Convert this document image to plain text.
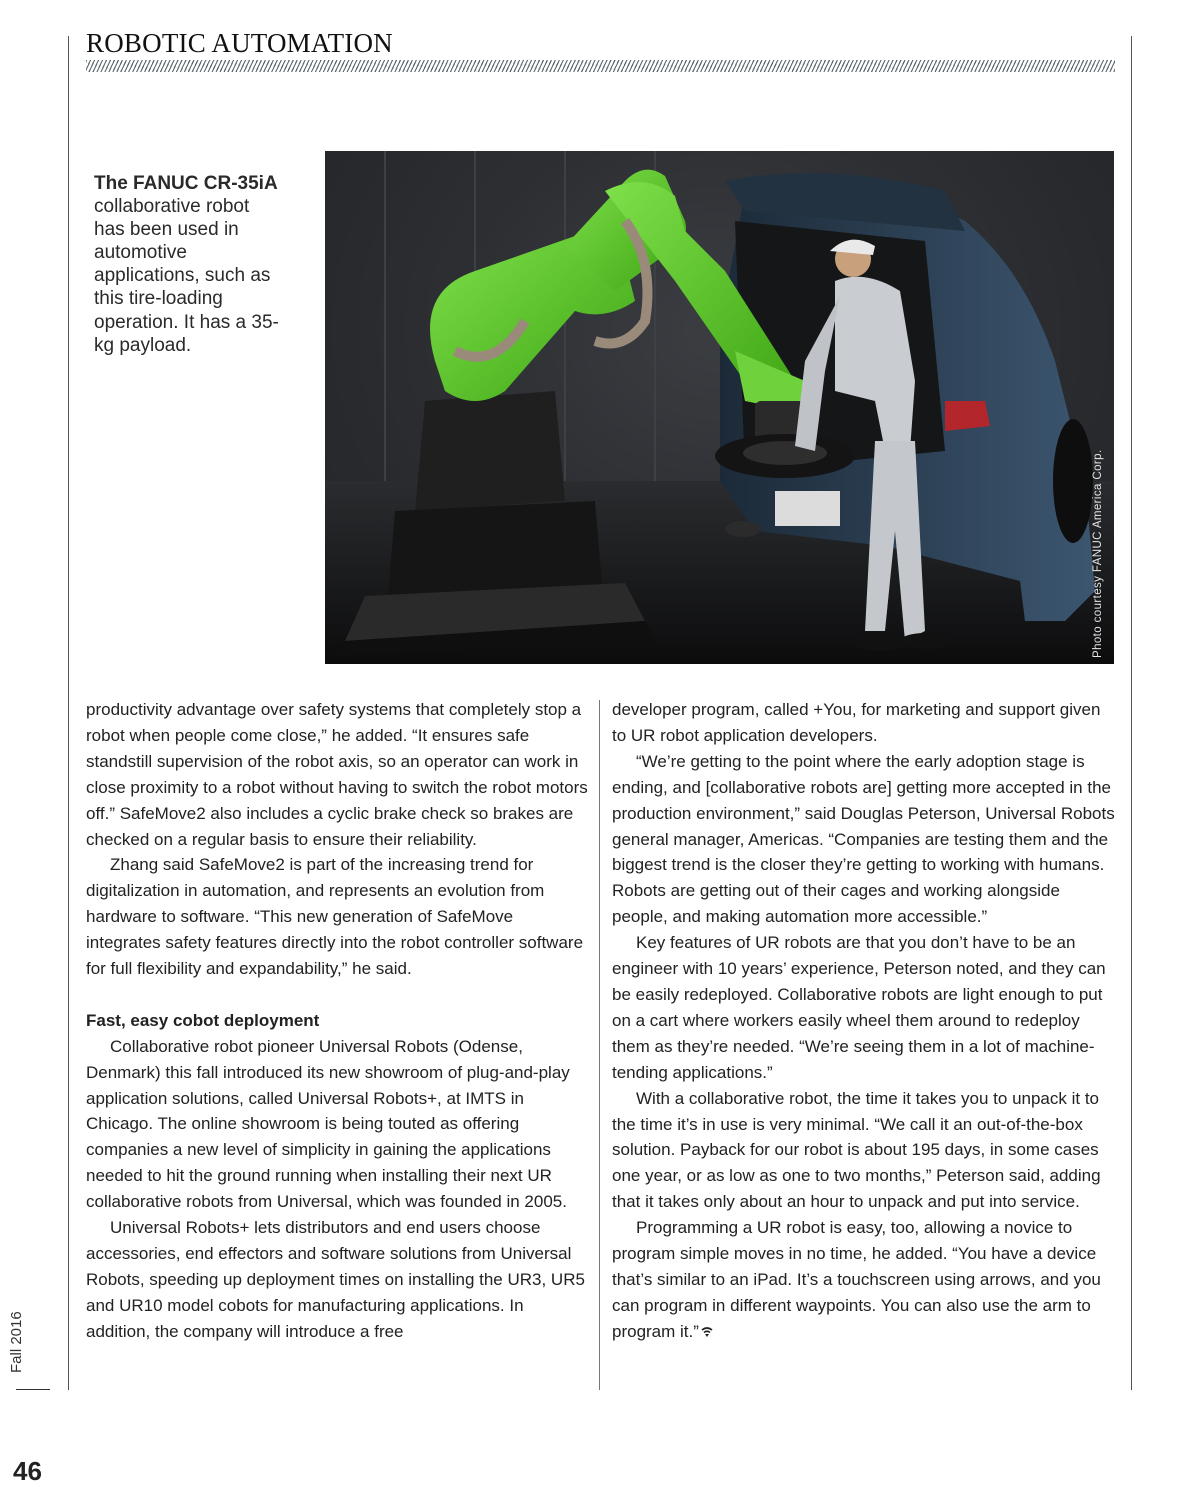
ROBOTIC AUTOMATION

The FANUC CR-35iA collaborative robot has been used in automotive applications, such as this tire-loading operation. It has a 35-kg payload.

Photo courtesy FANUC America Corp.

productivity advantage over safety systems that completely stop a robot when people come close,” he added. “It ensures safe standstill supervision of the robot axis, so an operator can work in close proximity to a robot without having to switch the robot motors off.” SafeMove2 also includes a cyclic brake check so brakes are checked on a regular basis to ensure their reliability.

Zhang said SafeMove2 is part of the increasing trend for digitalization in automation, and represents an evolution from hardware to software. “This new generation of SafeMove integrates safety features directly into the robot controller software for full flexibility and expandability,” he said.

Fast, easy cobot deployment

Collaborative robot pioneer Universal Robots (Odense, Denmark) this fall introduced its new showroom of plug-and-play application solutions, called Universal Robots+, at IMTS in Chicago. The online showroom is being touted as offering companies a new level of simplicity in gaining the applications needed to hit the ground running when installing their next UR collaborative robots from Universal, which was founded in 2005.

Universal Robots+ lets distributors and end users choose accessories, end effectors and software solutions from Universal Robots, speeding up deployment times on installing the UR3, UR5 and UR10 model cobots for manufacturing applications. In addition, the company will introduce a free

developer program, called +You, for marketing and support given to UR robot application developers.

“We’re getting to the point where the early adoption stage is ending, and [collaborative robots are] getting more accepted in the production environment,” said Douglas Peterson, Universal Robots general manager, Americas. “Companies are testing them and the biggest trend is the closer they’re getting to working with humans. Robots are getting out of their cages and working alongside people, and making automation more accessible.”

Key features of UR robots are that you don’t have to be an engineer with 10 years’ experience, Peterson noted, and they can be easily redeployed. Collaborative robots are light enough to put on a cart where workers easily wheel them around to redeploy them as they’re needed. “We’re seeing them in a lot of machine-tending applications.”

With a collaborative robot, the time it takes you to unpack it to the time it’s in use is very minimal. “We call it an out-of-the-box solution. Payback for our robot is about 195 days, in some cases one year, or as low as one to two months,” Peterson said, adding that it takes only about an hour to unpack and put into service.

Programming a UR robot is easy, too, allowing a novice to program simple moves in no time, he added. “You have a device that’s similar to an iPad. It’s a touchscreen using arrows, and you can program in different waypoints. You can also use the arm to program it.”

Fall 2016
46
